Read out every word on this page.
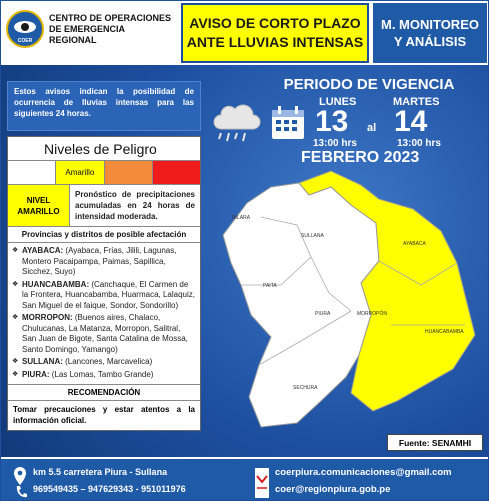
COER
CENTRO DE OPERACIONES
DE EMERGENCIA
REGIONAL
AVISO DE CORTO PLAZO
ANTE LLUVIAS INTENSAS
M. MONITOREO
Y ANÁLISIS
Estos avisos indican la posibilidad de ocurrencia de lluvias intensas para las siguientes 24 horas.
Niveles de Peligro
Amarillo
NIVEL
AMARILLO
Pronóstico de precipitaciones acumuladas en 24 horas de intensidad moderada.
Provincias y distritos de posible afectación
❖ AYABACA: (Ayabaca, Frías, Jilili, Lagunas, Montero Pacaipampa, Paimas, Sapillica, Sicchez, Suyo)
❖ HUANCABAMBA: (Canchaque, El Carmen de la Frontera, Huancabamba, Huarmaca, Lalaquiz, San Miguel de el faique, Sondor, Sondorillo)
❖ MORROPON: (Buenos aires, Chalaco, Chulucanas, La Matanza, Morropon, Salitral, San Juan de Bigote, Santa Catalina de Mossa, Santo Domingo, Yamango)
❖ SULLANA: (Lancones, Marcavelica)
❖ PIURA: (Las Lomas, Tambo Grande)
RECOMENDACIÓN
Tomar precauciones y estar atentos a la información oficial.
PERIODO DE VIGENCIA
LUNES	MARTES
13 al 14
13:00 hrs	13:00 hrs
FEBRERO 2023
TALARA
SULLANA
AYABACA
PAITA
MORROPÓN
PIURA
HUANCABAMBA
SECHURA
Fuente: SENAMHI
km 5.5 carretera Piura - Sullana
969549435 – 947629343 - 951011976
coerpiura.comunicaciones@gmail.com
coer@regionpiura.gob.pe
